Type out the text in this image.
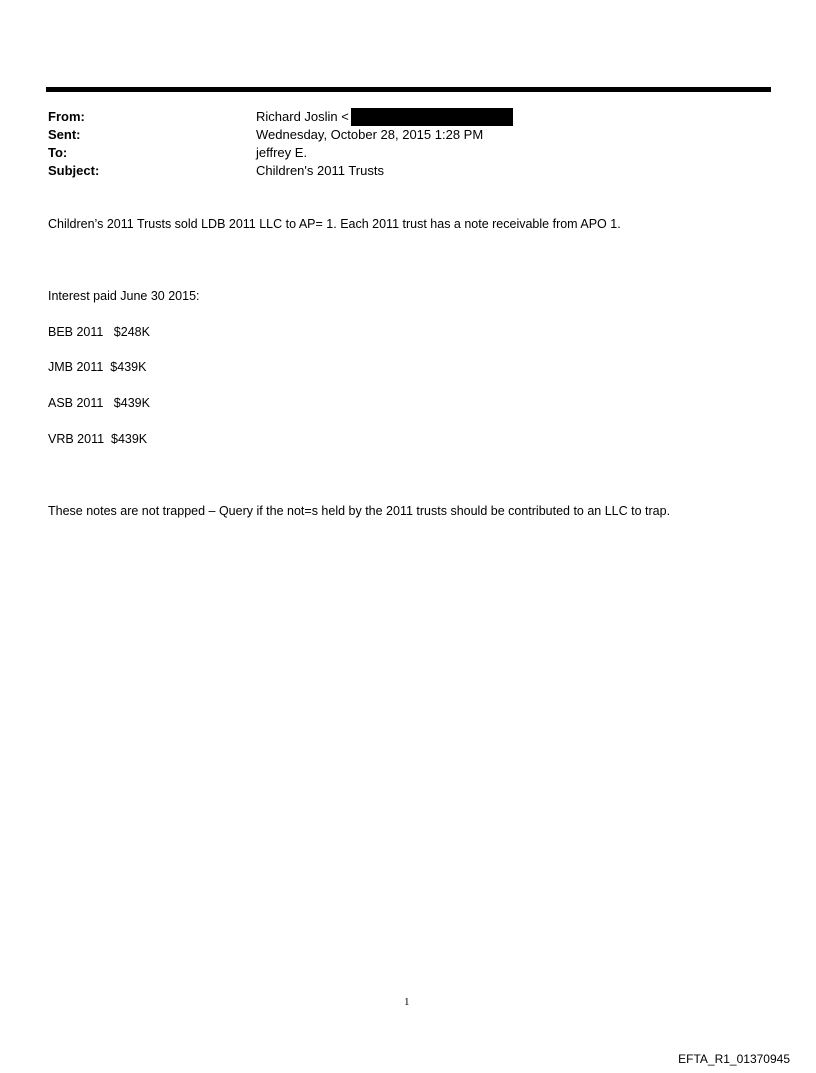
From:	Richard Joslin <
Sent:	Wednesday, October 28, 2015 1:28 PM
To:	jeffrey E.
Subject:	Children's 2011 Trusts
Children’s 2011 Trusts sold LDB 2011 LLC to AP= 1. Each 2011 trust has a note receivable from APO 1.
Interest paid June 30 2015:
BEB 2011   $248K
JMB 2011  $439K
ASB 2011   $439K
VRB 2011  $439K
These notes are not trapped – Query if the not=s held by the 2011 trusts should be contributed to an LLC to trap.
1
EFTA_R1_01370945
